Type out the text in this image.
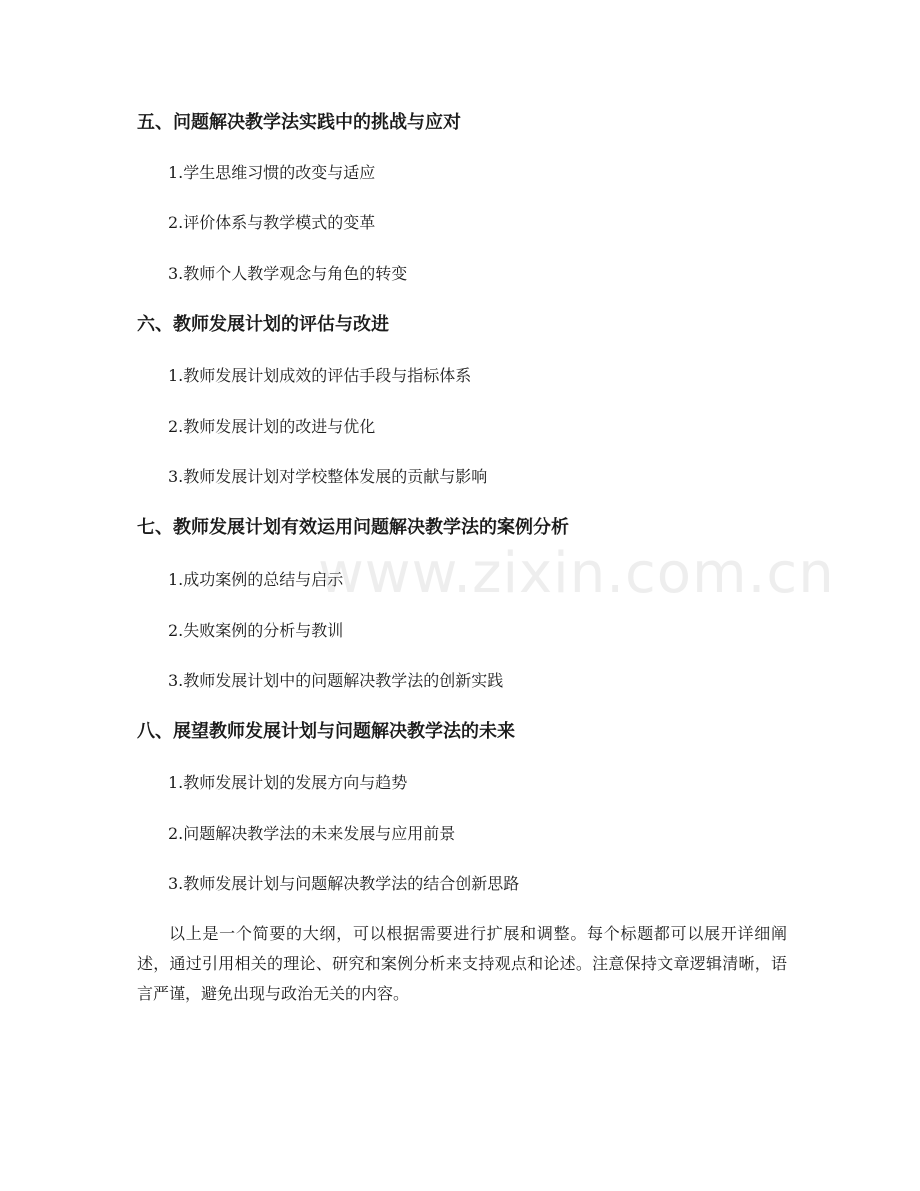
五、问题解决教学法实践中的挑战与应对
1.学生思维习惯的改变与适应
2.评价体系与教学模式的变革
3.教师个人教学观念与角色的转变
六、教师发展计划的评估与改进
1.教师发展计划成效的评估手段与指标体系
2.教师发展计划的改进与优化
3.教师发展计划对学校整体发展的贡献与影响
七、教师发展计划有效运用问题解决教学法的案例分析
1.成功案例的总结与启示
2.失败案例的分析与教训
3.教师发展计划中的问题解决教学法的创新实践
八、展望教师发展计划与问题解决教学法的未来
1.教师发展计划的发展方向与趋势
2.问题解决教学法的未来发展与应用前景
3.教师发展计划与问题解决教学法的结合创新思路
以上是一个简要的大纲，可以根据需要进行扩展和调整。每个标题都可以展开详细阐述，通过引用相关的理论、研究和案例分析来支持观点和论述。注意保持文章逻辑清晰，语言严谨，避免出现与政治无关的内容。
www.zixin.com.cn
